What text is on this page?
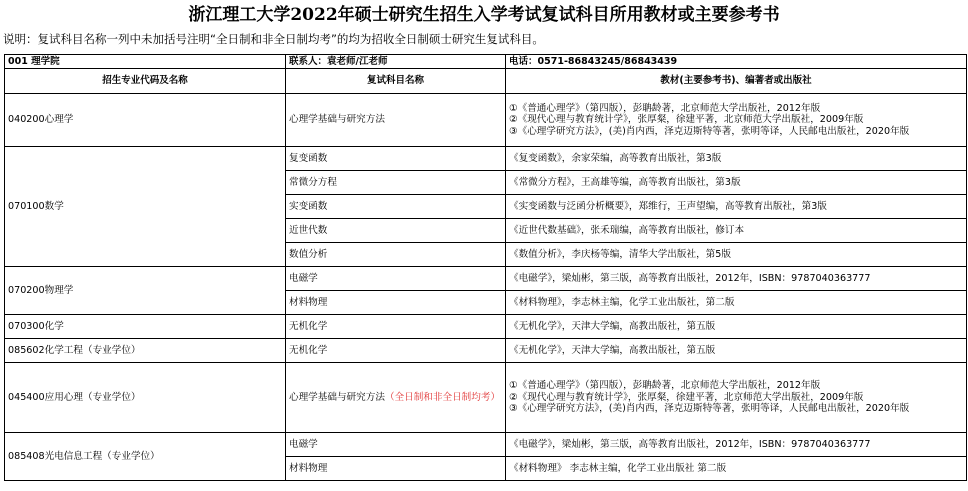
浙江理工大学2022年硕士研究生招生入学考试复试科目所用教材或主要参考书
说明：复试科目名称一列中未加括号注明“全日制和非全日制均考”的均为招收全日制硕士研究生复试科目。
001 理学院	联系人：袁老师/江老师	电话：0571-86843245/86843439
招生专业代码及名称	复试科目名称	教材(主要参考书)、编著者或出版社
040200心理学	心理学基础与研究方法	①《普通心理学》（第四版），彭聃龄著，北京师范大学出版社，2012年版
②《现代心理与教育统计学》，张厚粲，徐建平著，北京师范大学出版社，2009年版
③《心理学研究方法》，(美)肖内西，泽克迈斯特等著，张明等译，人民邮电出版社，2020年版

070100数学	复变函数	《复变函数》，余家荣编，高等教育出版社，第3版
	常微分方程	《常微分方程》，王高雄等编，高等教育出版社，第3版
	实变函数	《实变函数与泛函分析概要》，郑维行，王声望编，高等教育出版社，第3版
	近世代数	《近世代数基础》，张禾瑞编，高等教育出版社，修订本
	数值分析	《数值分析》，李庆杨等编，清华大学出版社，第5版
070200物理学	电磁学	《电磁学》，梁灿彬，第三版，高等教育出版社，2012年，ISBN：9787040363777
	材料物理	《材料物理》，李志林主编，化学工业出版社，第二版
070300化学	无机化学	《无机化学》，天津大学编，高教出版社，第五版
085602化学工程（专业学位）	无机化学	《无机化学》，天津大学编，高教出版社，第五版
045400应用心理（专业学位）	心理学基础与研究方法（全日制和非全日制均考）	①《普通心理学》（第四版），彭聃龄著，北京师范大学出版社，2012年版
②《现代心理与教育统计学》，张厚粲，徐建平著，北京师范大学出版社，2009年版
③《心理学研究方法》，(美)肖内西，泽克迈斯特等著，张明等译，人民邮电出版社，2020年版

085408光电信息工程（专业学位）	电磁学	《电磁学》，梁灿彬，第三版，高等教育出版社，2012年，ISBN：9787040363777
	材料物理	《材料物理》 李志林主编，化学工业出版社 第二版
